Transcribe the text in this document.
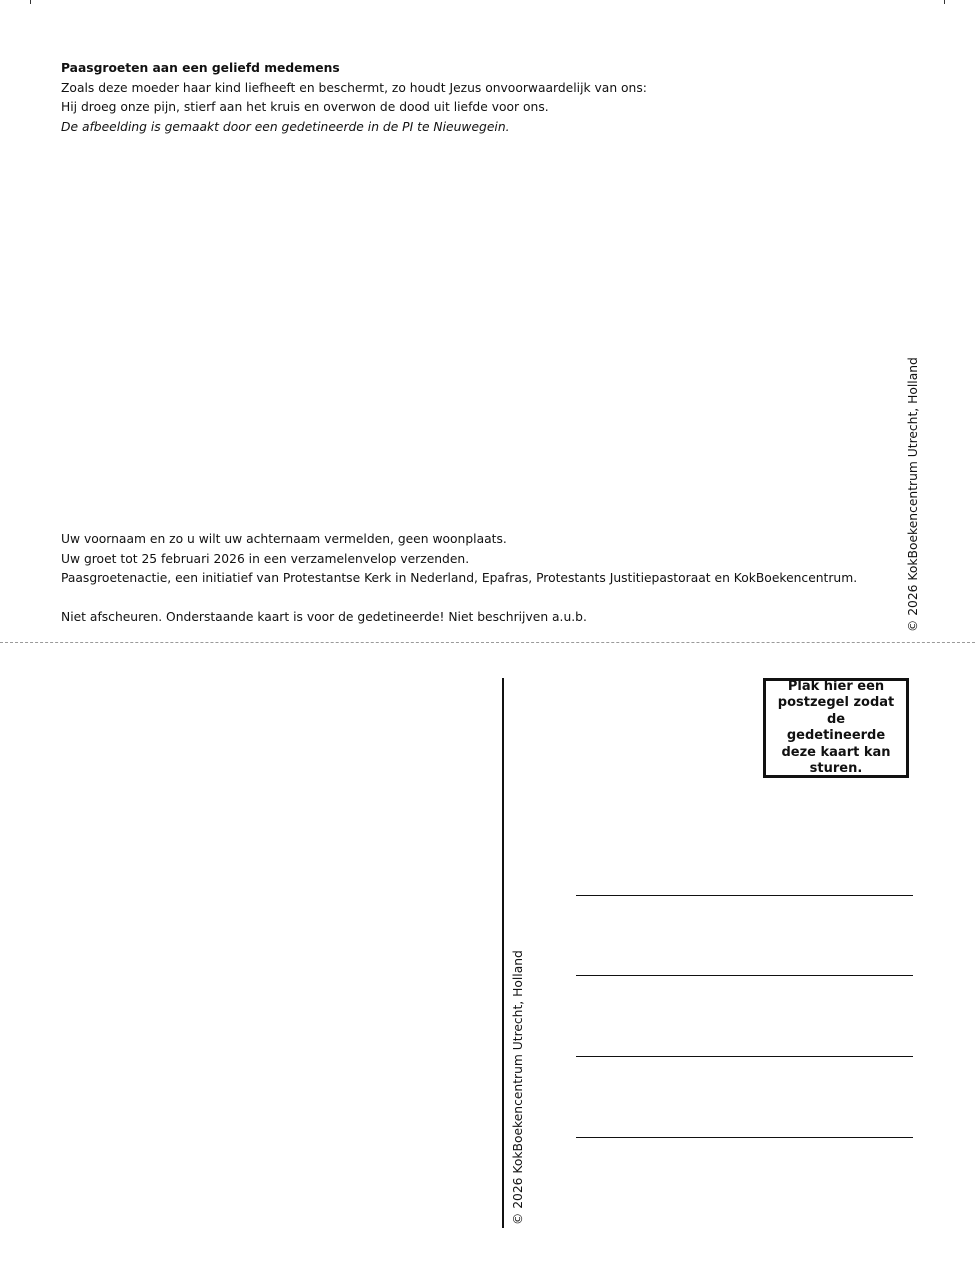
Paasgroeten aan een geliefd medemens
Zoals deze moeder haar kind liefheeft en beschermt, zo houdt Jezus onvoorwaardelijk van ons:
Hij droeg onze pijn, stierf aan het kruis en overwon de dood uit liefde voor ons.
De afbeelding is gemaakt door een gedetineerde in de PI te Nieuwegein.
Uw voornaam en zo u wilt uw achternaam vermelden, geen woonplaats.
Uw groet tot 25 februari 2026 in een verzamelenvelop verzenden.
Paasgroetenactie, een initiatief van Protestantse Kerk in Nederland, Epafras, Protestants Justitiepastoraat en KokBoekencentrum.
Niet afscheuren. Onderstaande kaart is voor de gedetineerde! Niet beschrijven a.u.b.	© 2026 KokBoekencentrum Utrecht, Holland
© 2026 KokBoekencentrum Utrecht, Holland
Plak hier een postzegel zodat de gedetineerde deze kaart kan sturen.
